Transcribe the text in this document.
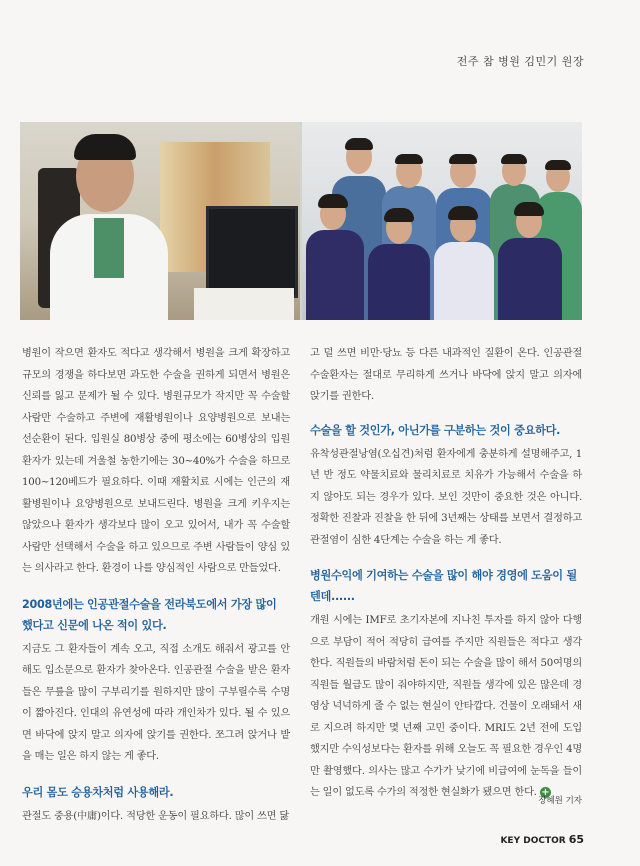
전주 참 병원 김민기 원장

병원이 작으면 환자도 적다고 생각해서 병원을 크게 확장하고 규모의 경쟁을 하다보면 과도한 수술을 권하게 되면서 병원은 신뢰를 잃고 문제가 될 수 있다. 병원규모가 작지만 꼭 수술할 사람만 수술하고 주변에 재활병원이나 요양병원으로 보내는 선순환이 된다. 입원실 80병상 중에 평소에는 60병상의 입원환자가 있는데 겨울철 농한기에는 30~40%가 수술을 하므로 100~120베드가 필요하다. 이때 재활치료 시에는 인근의 재활병원이나 요양병원으로 보내드린다. 병원을 크게 키우지는 않았으나 환자가 생각보다 많이 오고 있어서, 내가 꼭 수술할 사람만 선택해서 수술을 하고 있으므로 주변 사람들이 양심 있는 의사라고 한다. 환경이 나를 양심적인 사람으로 만들었다.

2008년에는 인공관절수술을 전라북도에서 가장 많이 했다고 신문에 나온 적이 있다.

지금도 그 환자들이 계속 오고, 직접 소개도 해줘서 광고를 안 해도 입소문으로 환자가 찾아온다. 인공관절 수술을 받은 환자들은 무릎을 많이 구부리기를 원하지만 많이 구부릴수록 수명이 짧아진다. 인대의 유연성에 따라 개인차가 있다. 될 수 있으면 바닥에 앉지 말고 의자에 앉기를 권한다. 쪼그려 앉거나 밭을 매는 일은 하지 않는 게 좋다.

우리 몸도 승용차처럼 사용해라.

관절도 중용(中庸)이다. 적당한 운동이 필요하다. 많이 쓰면 닳

고 덜 쓰면 비만·당뇨 등 다른 내과적인 질환이 온다. 인공관절 수술환자는 절대로 무리하게 쓰거나 바닥에 앉지 말고 의자에 앉기를 권한다.

수술을 할 것인가, 아닌가를 구분하는 것이 중요하다.

유착성관절낭염(오십견)처럼 환자에게 충분하게 설명해주고, 1년 반 정도 약물치료와 물리치료로 치유가 가능해서 수술을 하지 않아도 되는 경우가 있다. 보인 것만이 중요한 것은 아니다. 정확한 진찰과 진찰을 한 뒤에 3년째는 상태를 보면서 결정하고 관절염이 심한 4단계는 수술을 하는 게 좋다.

병원수익에 기여하는 수술을 많이 해야 경영에 도움이 될 텐데......

개원 시에는 IMF로 초기자본에 지나친 투자를 하지 않아 다행으로 부담이 적어 적당히 급여를 주지만 직원들은 적다고 생각한다. 직원들의 바람처럼 돈이 되는 수술을 많이 해서 50여명의 직원들 월급도 많이 줘야하지만, 직원들 생각에 있은 많은데 경영상 넉넉하게 줄 수 없는 현실이 안타깝다. 건물이 오래돼서 새로 지으려 하지만 몇 년째 고민 중이다. MRI도 2년 전에 도입했지만 수익성보다는 환자를 위해 오늘도 꼭 필요한 경우인 4명만 촬영했다. 의사는 많고 수가가 낮기에 비급여에 눈독을 들이는 일이 없도록 수가의 적정한 현실화가 됐으면 한다. +

장혜원 기자
KEY DOCTOR 65
